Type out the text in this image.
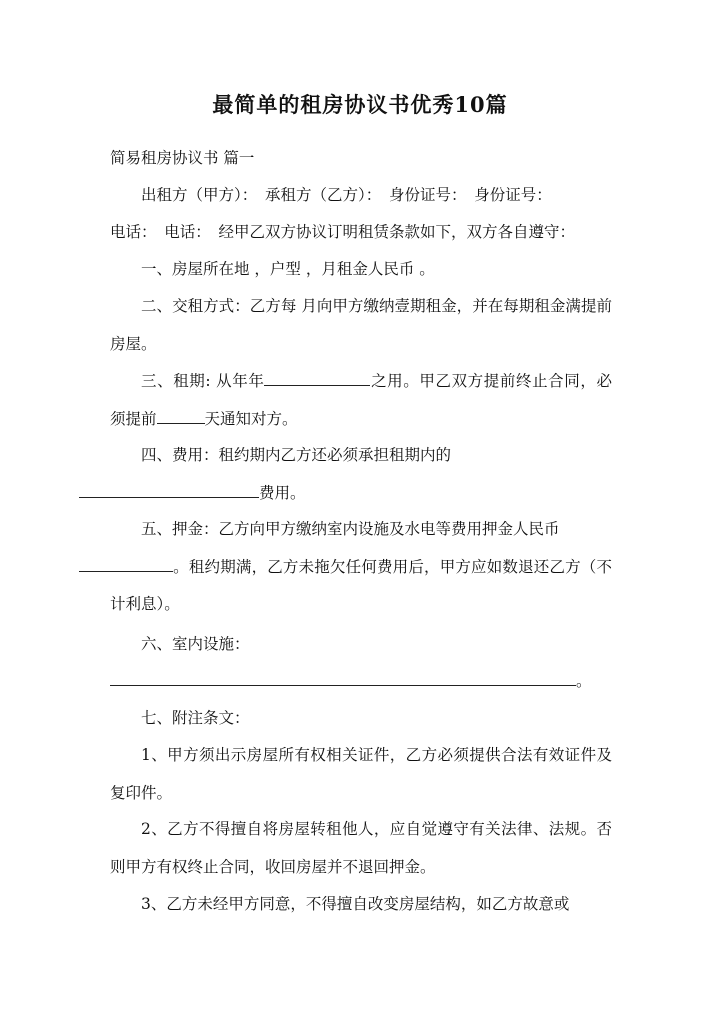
最简单的租房协议书优秀10篇
简易租房协议书 篇一
出租方（甲方）：　承租方（乙方）：　身份证号：　身份证号：
电话：　电话：　经甲乙双方协议订明租赁条款如下，双方各自遵守：
一、房屋所在地 ，户型 ，月租金人民币 。
二、交租方式：乙方每 月向甲方缴纳壹期租金，并在每期租金满提前 房屋。
三、租期: 从年年	之用。甲乙双方提前终止合同，必须提前	天通知对方。
四、费用：租约期内乙方还必须承担租期内的
费用。
五、押金：乙方向甲方缴纳室内设施及水电等费用押金人民币
。租约期满，乙方未拖欠任何费用后，甲方应如数退还乙方（不计利息）。
六、室内设施：
。
七、附注条文：
1、甲方须出示房屋所有权相关证件，乙方必须提供合法有效证件及复印件。
2、乙方不得擅自将房屋转租他人，应自觉遵守有关法律、法规。否则甲方有权终止合同，收回房屋并不退回押金。
3、乙方未经甲方同意，不得擅自改变房屋结构，如乙方故意或
